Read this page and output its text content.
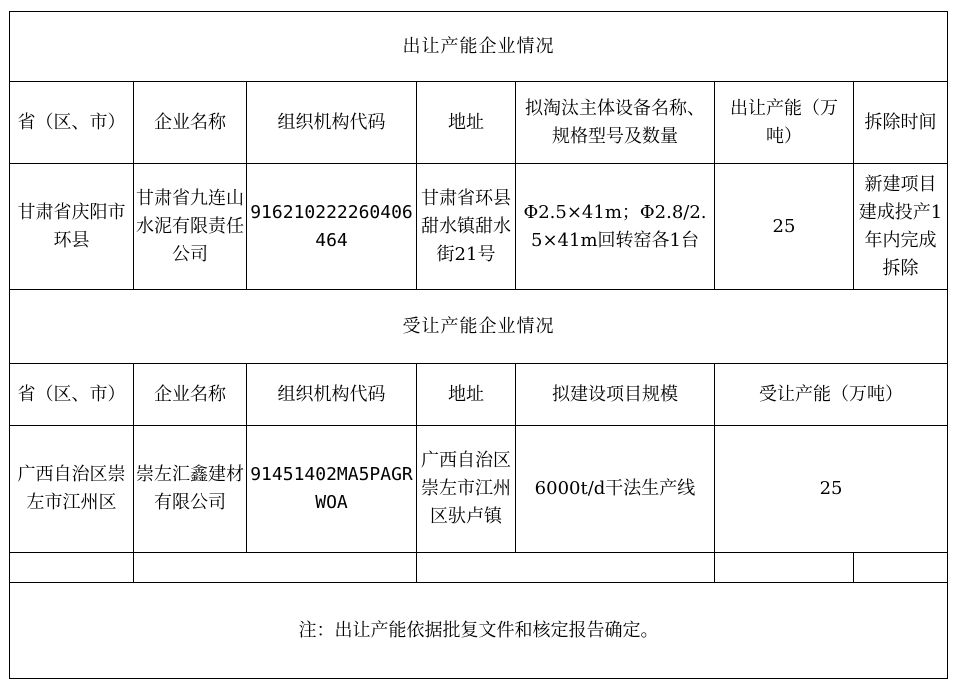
出让产能企业情况						
省（区、市）	企业名称	组织机构代码	地址	拟淘汰主体设备名称、规格型号及数量	出让产能（万吨）	拆除时间
甘肃省庆阳市环县	甘肃省九连山水泥有限责任公司	916210222260406464	甘肃省环县甜水镇甜水街21号	Φ2.5×41m；Φ2.8/2.5×41m回转窑各1台	25	新建项目建成投产1年内完成拆除
受让产能企业情况						
省（区、市）	企业名称	组织机构代码	地址	拟建设项目规模	受让产能（万吨）	
广西自治区崇左市江州区	崇左汇鑫建材有限公司	91451402MA5PAGRWOA	广西自治区崇左市江州区驮卢镇	6000t/d干法生产线	25	

注：出让产能依据批复文件和核定报告确定。						
